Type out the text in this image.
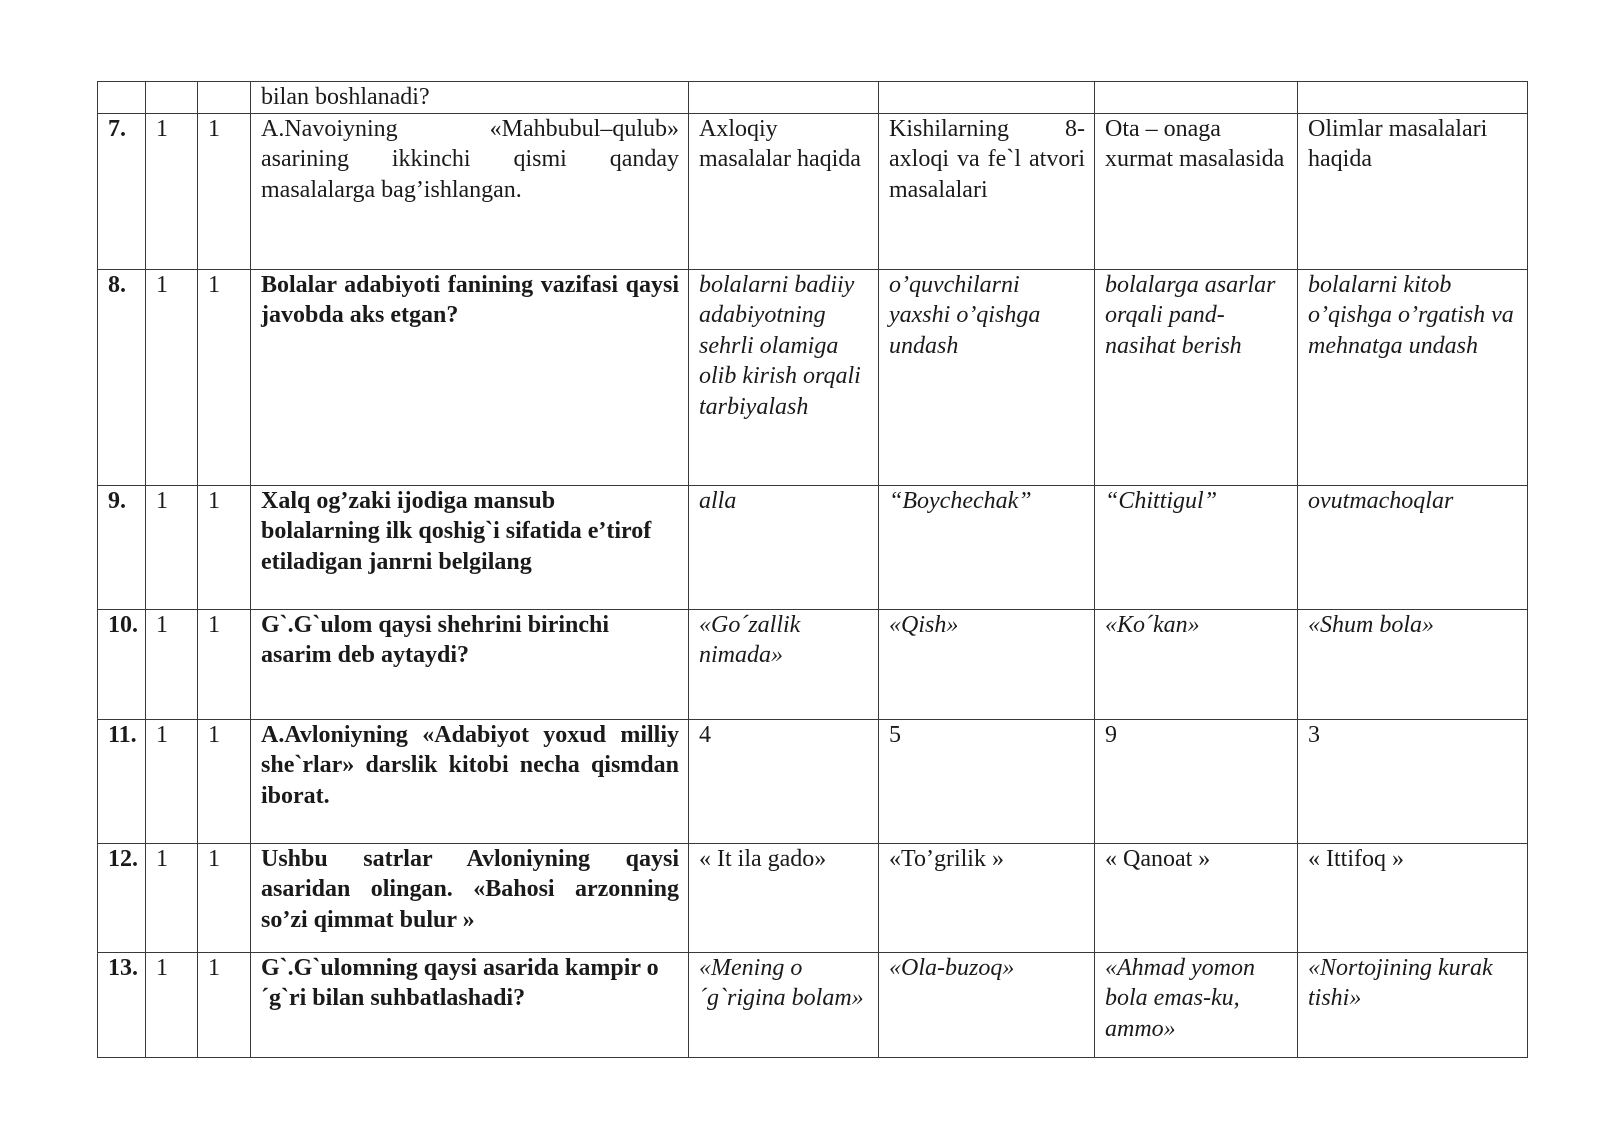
			bilan boshlanadi?				
7.	1	1	A.Navoiyning «Mahbubul–qulub» asarining ikkinchi qismi qanday masalalarga bag’ishlangan.	Axloqiy masalalar haqida	Kishilarning 8-axloqi va fe`l atvori masalalari	Ota – onaga xurmat masalasida	Olimlar masalalari haqida
8.	1	1	Bolalar adabiyoti fanining vazifasi qaysi javobda aks etgan?	bolalarni badiiy adabiyotning sehrli olamiga olib kirish orqali tarbiyalash	o’quvchilarni yaxshi o’qishga undash	bolalarga asarlar orqali pand-nasihat berish	bolalarni kitob o’qishga o’rgatish va mehnatga undash
9.	1	1	Xalq og’zaki ijodiga mansub bolalarning ilk qoshig`i sifatida e’tirof etiladigan janrni belgilang	alla	“Boychechak”	“Chittigul”	ovutmachoqlar
10.	1	1	G`.G`ulom qaysi shehrini birinchi asarim deb aytaydi?	«Go´zallik nimada»	«Qish»	«Ko´kan»	«Shum bola»
11.	1	1	A.Avloniyning «Adabiyot yoxud milliy she`rlar» darslik kitobi necha qismdan iborat.	4	5	9	3
12.	1	1	Ushbu satrlar Avloniyning qaysi asaridan olingan. «Bahosi arzonning so’zi qimmat bulur »	« It ila gado»	«To’grilik »	« Qanoat »	« Ittifoq »
13.	1	1	G`.G`ulomning qaysi asarida kampir o´g`ri bilan suhbatlashadi?	«Mening o´g`rigina bolam»	«Ola-buzoq»	«Ahmad yomon bola emas-ku, ammo»	«Nortojining kurak tishi»
